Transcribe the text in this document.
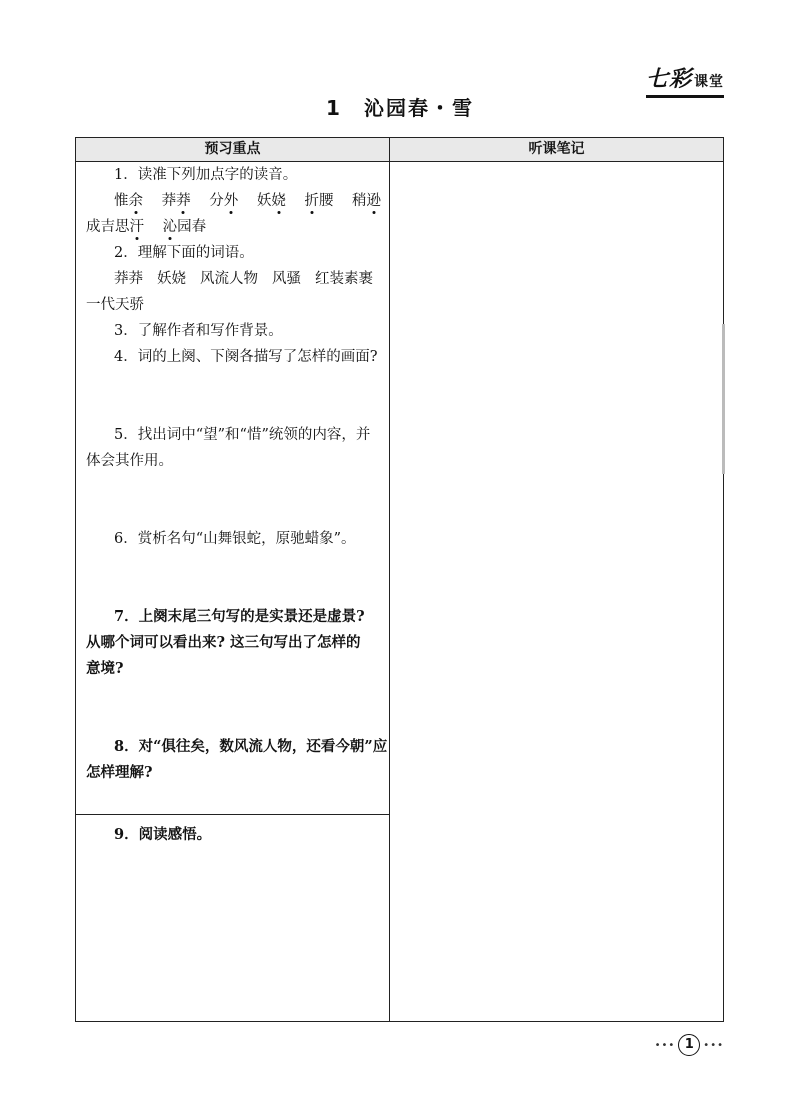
七彩 课堂
1　沁园春・雪
预习重点	听课笔记
1．读准下列加点字的读音。
惟余 莽莽 分外 妖娆 折腰 稍逊
成吉思汗 沁园春
2．理解下面的词语。
莽莽 妖娆 风流人物 风骚 红装素裹
一代天骄
3．了解作者和写作背景。
4．词的上阕、下阕各描写了怎样的画面?
5．找出词中“望”和“惜”统领的内容，并
体会其作用。
6．赏析名句“山舞银蛇，原驰蜡象”。
7．上阕末尾三句写的是实景还是虚景?
从哪个词可以看出来? 这三句写出了怎样的
意境?
8．对“俱往矣，数风流人物，还看今朝”应
怎样理解?
9．阅读感悟。
••• 1 •••
